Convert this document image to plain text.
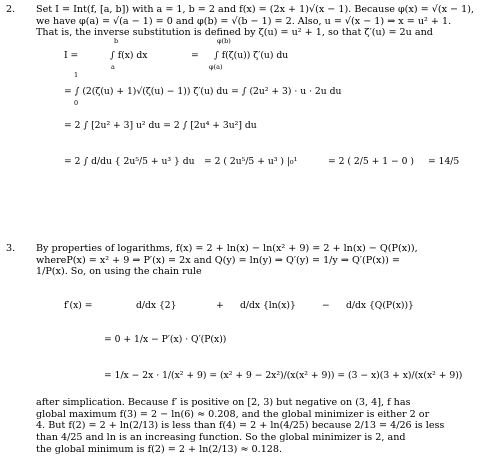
2. Set I = Int(f, [a, b]) with a = 1, b = 2 and f(x) = (2x + 1)√(x − 1). Because φ(x) = √(x − 1),

we have φ(a) = √(a − 1) = 0 and φ(b) = √(b − 1) = 2. Also, u = √(x − 1) ⇒ x = u² + 1.

That is, the inverse substitution is defined by ζ(u) = u² + 1, so that ζ′(u) = 2u and

I =
b
a
∫ f(x) dx	=
φ(b)
φ(a)
∫ f(ζ(u)) ζ′(u) du
1
0
= ∫ (2(ζ(u) + 1)√(ζ(u) − 1)) ζ′(u) du = ∫ (2u² + 3) · u · 2u du
= 2 ∫ [2u² + 3] u² du = 2 ∫ [2u⁴ + 3u²] du
= 2 ∫ d/du { 2u⁵/5 + u³ } du = 2 ( 2u⁵/5 + u³ ) |₀¹	= 2 ( 2/5 + 1 − 0 ) = 14/5
3. By properties of logarithms, f(x) = 2 + ln(x) − ln(x² + 9) = 2 + ln(x) − Q(P(x)),

whereP(x) = x² + 9 ⇒ P′(x) = 2x and Q(y) = ln(y) ⇒ Q′(y) = 1/y ⇒ Q′(P(x)) =

1/P(x). So, on using the chain rule

f′(x) =	d/dx {2}	+ d/dx {ln(x)}	− d/dx {Q(P(x))}
= 0 + 1/x − P′(x) · Q′(P(x))
= 1/x − 2x · 1/(x² + 9) = (x² + 9 − 2x²)/(x(x² + 9)) = (3 − x)(3 + x)/(x(x² + 9))

after simplication. Because f′ is positive on [2, 3) but negative on (3, 4], f has

global maximum f(3) = 2 − ln(6) ≈ 0.208, and the global minimizer is either 2 or

4. But f(2) = 2 + ln(2/13) is less than f(4) = 2 + ln(4/25) because 2/13 = 4/26 is less

than 4/25 and ln is an increasing function. So the global minimizer is 2, and

the global minimum is f(2) = 2 + ln(2/13) ≈ 0.128.
